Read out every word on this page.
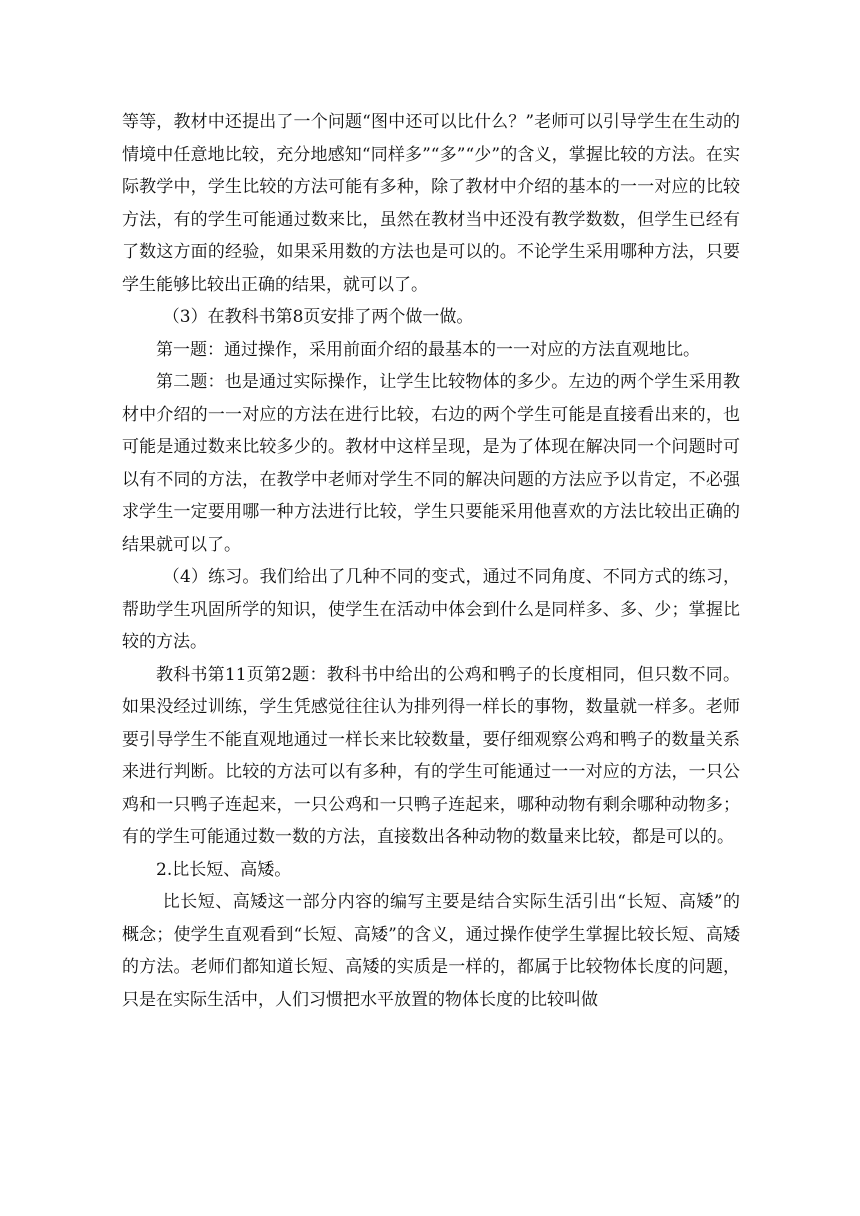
等等，教材中还提出了一个问题“图中还可以比什么？”老师可以引导学生在生动的情境中任意地比较，充分地感知“同样多”“多”“少”的含义，掌握比较的方法。在实际教学中，学生比较的方法可能有多种，除了教材中介绍的基本的一一对应的比较方法，有的学生可能通过数来比，虽然在教材当中还没有教学数数，但学生已经有了数这方面的经验，如果采用数的方法也是可以的。不论学生采用哪种方法，只要学生能够比较出正确的结果，就可以了。

（3）在教科书第8页安排了两个做一做。

第一题：通过操作，采用前面介绍的最基本的一一对应的方法直观地比。

第二题：也是通过实际操作，让学生比较物体的多少。左边的两个学生采用教材中介绍的一一对应的方法在进行比较，右边的两个学生可能是直接看出来的，也可能是通过数来比较多少的。教材中这样呈现，是为了体现在解决同一个问题时可以有不同的方法，在教学中老师对学生不同的解决问题的方法应予以肯定，不必强求学生一定要用哪一种方法进行比较，学生只要能采用他喜欢的方法比较出正确的结果就可以了。

（4）练习。我们给出了几种不同的变式，通过不同角度、不同方式的练习，帮助学生巩固所学的知识，使学生在活动中体会到什么是同样多、多、少；掌握比较的方法。

教科书第11页第2题：教科书中给出的公鸡和鸭子的长度相同，但只数不同。如果没经过训练，学生凭感觉往往认为排列得一样长的事物，数量就一样多。老师要引导学生不能直观地通过一样长来比较数量，要仔细观察公鸡和鸭子的数量关系来进行判断。比较的方法可以有多种，有的学生可能通过一一对应的方法，一只公鸡和一只鸭子连起来，一只公鸡和一只鸭子连起来，哪种动物有剩余哪种动物多；有的学生可能通过数一数的方法，直接数出各种动物的数量来比较，都是可以的。

2.比长短、高矮。

比长短、高矮这一部分内容的编写主要是结合实际生活引出“长短、高矮”的概念；使学生直观看到“长短、高矮”的含义，通过操作使学生掌握比较长短、高矮的方法。老师们都知道长短、高矮的实质是一样的，都属于比较物体长度的问题，只是在实际生活中，人们习惯把水平放置的物体长度的比较叫做
